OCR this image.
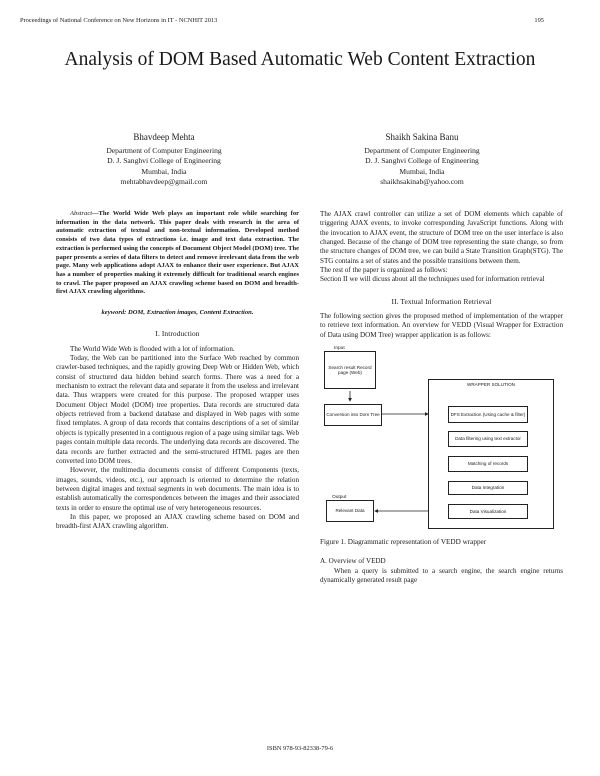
Proceedings of National Conference on New Horizons in IT - NCNHIT 2013	195
Analysis of DOM Based Automatic Web Content Extraction
Bhavdeep Mehta
Department of Computer Engineering
D. J. Sanghvi College of Engineering
Mumbai, India
mehtabhavdeep@gmail.com
Shaikh Sakina Banu
Department of Computer Engineering
D. J. Sanghvi College of Engineering
Mumbai, India
shaikhsakinab@yahoo.com

Abstract—The World Wide Web plays an important role while searching for information in the data network. This paper deals with research in the area of automatic extraction of textual and non-textual information. Developed method consists of two data types of extractions i.e. image and text data extraction. The extraction is performed using the concepts of Document Object Model (DOM) tree. The paper presents a series of data filters to detect and remove irrelevant data from the web page. Many web applications adopt AJAX to enhance their user experience. But AJAX has a number of properties making it extremely difficult for traditional search engines to crawl. The paper proposed an AJAX crawling scheme based on DOM and breadth-first AJAX crawling algorithms.

keyword: DOM, Extraction images, Content Extraction.

I. Introduction

The World Wide Web is flooded with a lot of information.

Today, the Web can be partitioned into the Surface Web reached by common crawler-based techniques, and the rapidly growing Deep Web or Hidden Web, which consist of structured data hidden behind search forms. There was a need for a mechanism to extract the relevant data and separate it from the useless and irrelevant data. Thus wrappers were created for this purpose. The proposed wrapper uses Document Object Model (DOM) tree properties. Data records are structured data objects retrieved from a backend database and displayed in Web pages with some fixed templates. A group of data records that contains descriptions of a set of similar objects is typically presented in a contiguous region of a page using similar tags. Web pages contain multiple data records. The underlying data records are discovered. The data records are further extracted and the semi-structured HTML pages are then converted into DOM trees.

However, the multimedia documents consist of different Components (texts, images, sounds, videos, etc.), our approach is oriented to determine the relation between digital images and textual segments in web documents. The main idea is to establish automatically the correspondences between the images and their associated texts in order to ensure the optimal use of very heterogeneous resources.

In this paper, we proposed an AJAX crawling scheme based on DOM and breadth-first AJAX crawling algorithm.

The AJAX crawl controller can utilize a set of DOM elements which capable of triggering AJAX events, to invoke corresponding JavaScript functions. Along with the invocation to AJAX event, the structure of DOM tree on the user interface is also changed. Because of the change of DOM tree representing the state change, so from the structure changes of DOM tree, we can build a State Transition Graph(STG). The STG contains a set of states and the possible transitions between them.

The rest of the paper is organized as follows:

Section II we will dicuss about all the techniques used for information retrieval

II. Textual Information Retrieval

The following section gives the proposed method of implementation of the wrapper to retrieve text information. An overview for VEDD (Visual Wrapper for Extraction of Data using DOM Tree) wrapper application is as follows:

Input
Search result Record page (Web)
Conversion into Dom Tree
WRAPPER SOLUTION
DFS Extraction (Using cache & filter)
Data filtering using text extractor
Matching of records
Data Integration
Data Visualization
Output
Relevant Data

Figure 1. Diagrammatic representation of VEDD wrapper

A. Overview of VEDD

When a query is submitted to a search engine, the search engine returns dynamically generated result page

ISBN 978-93-82338-79-6
